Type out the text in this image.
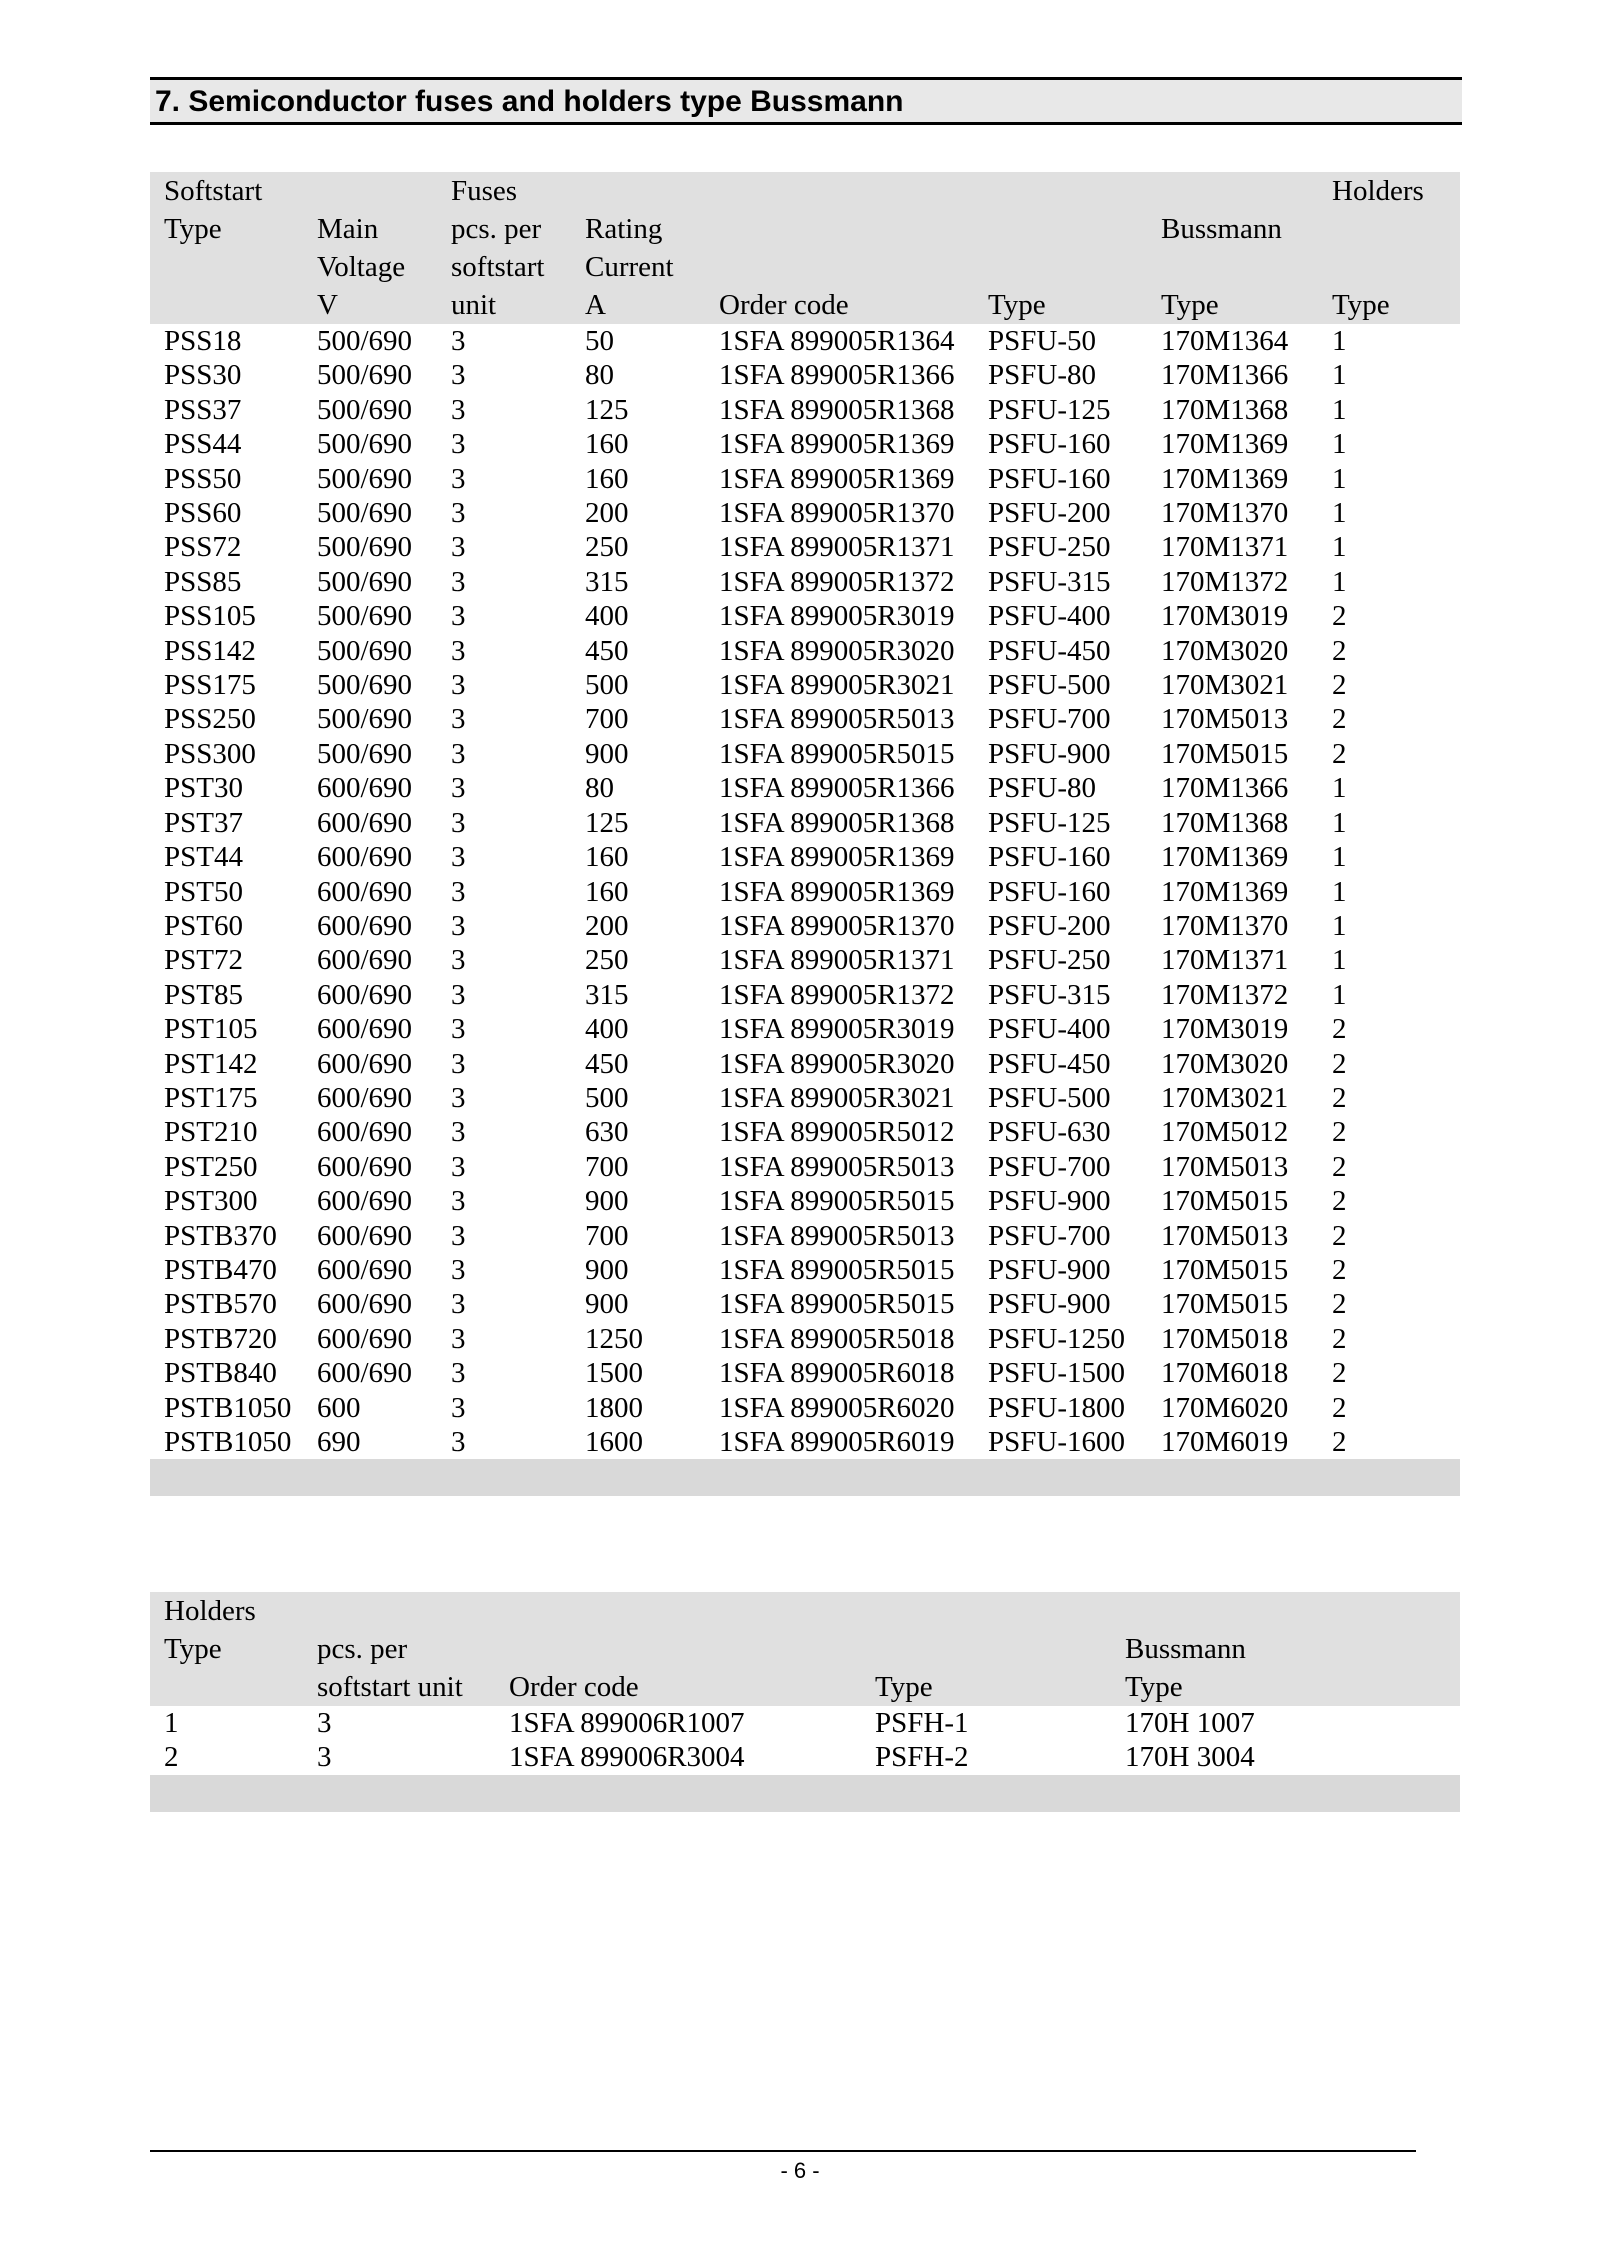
7. Semiconductor fuses and holders type Bussmann
Softstart		Fuses					Holders
Type	Main	pcs. per	Rating			Bussmann	
	Voltage	softstart	Current				
	V	unit	A	Order code	Type	Type	Type
PSS18	500/690	3	50	1SFA 899005R1364	PSFU-50	170M1364	1
PSS30	500/690	3	80	1SFA 899005R1366	PSFU-80	170M1366	1
PSS37	500/690	3	125	1SFA 899005R1368	PSFU-125	170M1368	1
PSS44	500/690	3	160	1SFA 899005R1369	PSFU-160	170M1369	1
PSS50	500/690	3	160	1SFA 899005R1369	PSFU-160	170M1369	1
PSS60	500/690	3	200	1SFA 899005R1370	PSFU-200	170M1370	1
PSS72	500/690	3	250	1SFA 899005R1371	PSFU-250	170M1371	1
PSS85	500/690	3	315	1SFA 899005R1372	PSFU-315	170M1372	1
PSS105	500/690	3	400	1SFA 899005R3019	PSFU-400	170M3019	2
PSS142	500/690	3	450	1SFA 899005R3020	PSFU-450	170M3020	2
PSS175	500/690	3	500	1SFA 899005R3021	PSFU-500	170M3021	2
PSS250	500/690	3	700	1SFA 899005R5013	PSFU-700	170M5013	2
PSS300	500/690	3	900	1SFA 899005R5015	PSFU-900	170M5015	2
PST30	600/690	3	80	1SFA 899005R1366	PSFU-80	170M1366	1
PST37	600/690	3	125	1SFA 899005R1368	PSFU-125	170M1368	1
PST44	600/690	3	160	1SFA 899005R1369	PSFU-160	170M1369	1
PST50	600/690	3	160	1SFA 899005R1369	PSFU-160	170M1369	1
PST60	600/690	3	200	1SFA 899005R1370	PSFU-200	170M1370	1
PST72	600/690	3	250	1SFA 899005R1371	PSFU-250	170M1371	1
PST85	600/690	3	315	1SFA 899005R1372	PSFU-315	170M1372	1
PST105	600/690	3	400	1SFA 899005R3019	PSFU-400	170M3019	2
PST142	600/690	3	450	1SFA 899005R3020	PSFU-450	170M3020	2
PST175	600/690	3	500	1SFA 899005R3021	PSFU-500	170M3021	2
PST210	600/690	3	630	1SFA 899005R5012	PSFU-630	170M5012	2
PST250	600/690	3	700	1SFA 899005R5013	PSFU-700	170M5013	2
PST300	600/690	3	900	1SFA 899005R5015	PSFU-900	170M5015	2
PSTB370	600/690	3	700	1SFA 899005R5013	PSFU-700	170M5013	2
PSTB470	600/690	3	900	1SFA 899005R5015	PSFU-900	170M5015	2
PSTB570	600/690	3	900	1SFA 899005R5015	PSFU-900	170M5015	2
PSTB720	600/690	3	1250	1SFA 899005R5018	PSFU-1250	170M5018	2
PSTB840	600/690	3	1500	1SFA 899005R6018	PSFU-1500	170M6018	2
PSTB1050	600	3	1800	1SFA 899005R6020	PSFU-1800	170M6020	2
PSTB1050	690	3	1600	1SFA 899005R6019	PSFU-1600	170M6019	2

Holders				
Type	pcs. per			Bussmann
	softstart unit	Order code	Type	Type
1	3	1SFA 899006R1007	PSFH-1	170H 1007
2	3	1SFA 899006R3004	PSFH-2	170H 3004

- 6 -
